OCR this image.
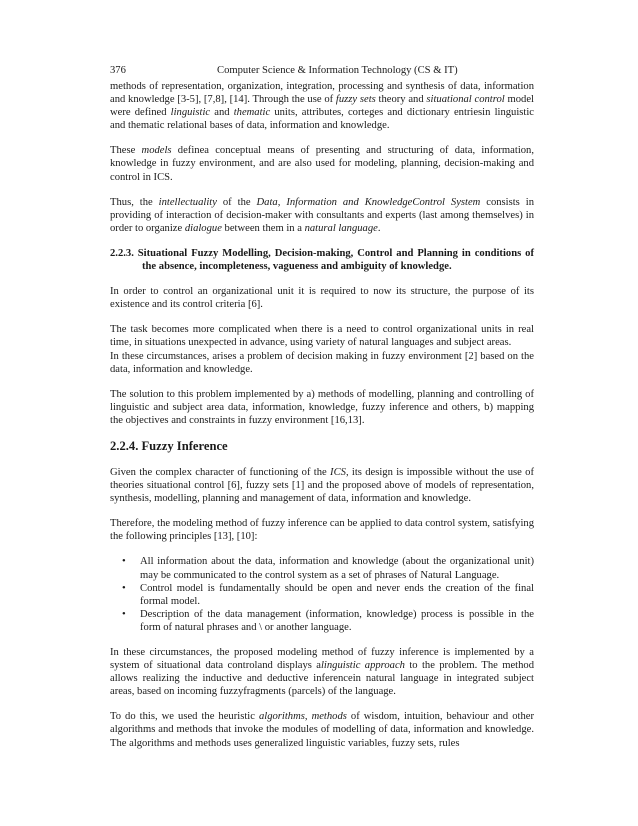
376	Computer Science & Information Technology (CS & IT)

methods of representation, organization, integration, processing and synthesis of data, information and knowledge [3-5], [7,8], [14]. Through the use of fuzzy sets theory and situational control model were defined linguistic and thematic units, attributes, corteges and dictionary entriesin linguistic and thematic relational bases of data, information and knowledge.

These models definea conceptual means of presenting and structuring of data, information, knowledge in fuzzy environment, and are also used for modeling, planning, decision-making and control in ICS.

Thus, the intellectuality of the Data, Information and KnowledgeControl System consists in providing of interaction of decision-maker with consultants and experts (last among themselves) in order to organize dialogue between them in a natural language.

2.2.3. Situational Fuzzy Modelling, Decision-making, Control and Planning in conditions of the absence, incompleteness, vagueness and ambiguity of knowledge.

In order to control an organizational unit it is required to now its structure, the purpose of its existence and its control criteria [6].

The task becomes more complicated when there is a need to control organizational units in real time, in situations unexpected in advance, using variety of natural languages and subject areas.

In these circumstances, arises a problem of decision making in fuzzy environment [2] based on the data, information and knowledge.

The solution to this problem implemented by a) methods of modelling, planning and controlling of linguistic and subject area data, information, knowledge, fuzzy inference and others, b) mapping the objectives and constraints in fuzzy environment [16,13].

2.2.4. Fuzzy Inference

Given the complex character of functioning of the ICS, its design is impossible without the use of theories situational control [6], fuzzy sets [1] and the proposed above of models of representation, synthesis, modelling, planning and management of data, information and knowledge.

Therefore, the modeling method of fuzzy inference can be applied to data control system, satisfying the following principles [13], [10]:

• All information about the data, information and knowledge (about the organizational unit) may be communicated to the control system as a set of phrases of Natural Language.
• Control model is fundamentally should be open and never ends the creation of the final formal model.
• Description of the data management (information, knowledge) process is possible in the form of natural phrases and \ or another language.

In these circumstances, the proposed modeling method of fuzzy inference is implemented by a system of situational data controland displays alinguistic approach to the problem. The method allows realizing the inductive and deductive inferencein natural language in integrated subject areas, based on incoming fuzzyfragments (parcels) of the language.

To do this, we used the heuristic algorithms, methods of wisdom, intuition, behaviour and other algorithms and methods that invoke the modules of modelling of data, information and knowledge. The algorithms and methods uses generalized linguistic variables, fuzzy sets, rules
